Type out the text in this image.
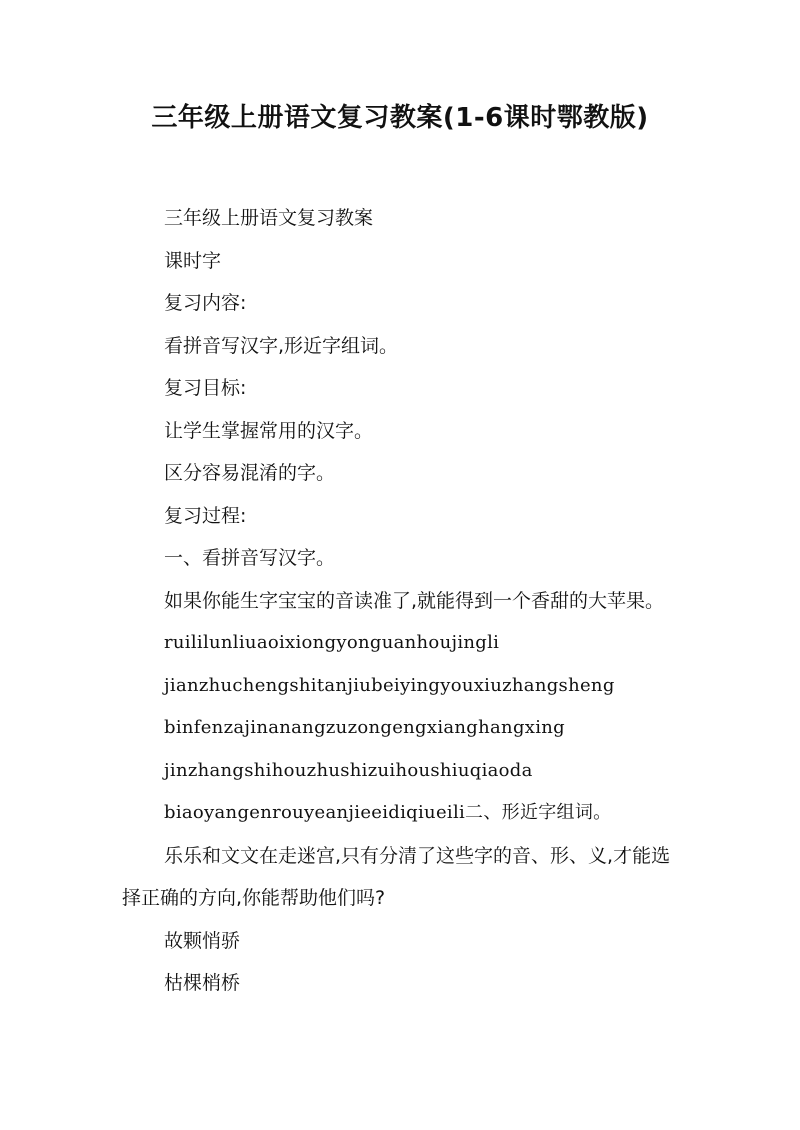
三年级上册语文复习教案(1-6课时鄂教版)

三年级上册语文复习教案

课时字

复习内容:

看拼音写汉字,形近字组词。

复习目标:

让学生掌握常用的汉字。

区分容易混淆的字。

复习过程:

一、看拼音写汉字。

如果你能生字宝宝的音读准了,就能得到一个香甜的大苹果。

ruililunliuaoixiongyonguanhoujingli

jianzhuchengshitanjiubeiyingyouxiuzhangsheng

binfenzajinanangzuzongengxianghangxing

jinzhangshihouzhushizuihoushiuqiaoda

biaoyangenrouyeanjieeidiqiueili二、形近字组词。

乐乐和文文在走迷宫,只有分清了这些字的音、形、义,才能选择正确的方向,你能帮助他们吗?

故颗悄骄

枯棵梢桥
